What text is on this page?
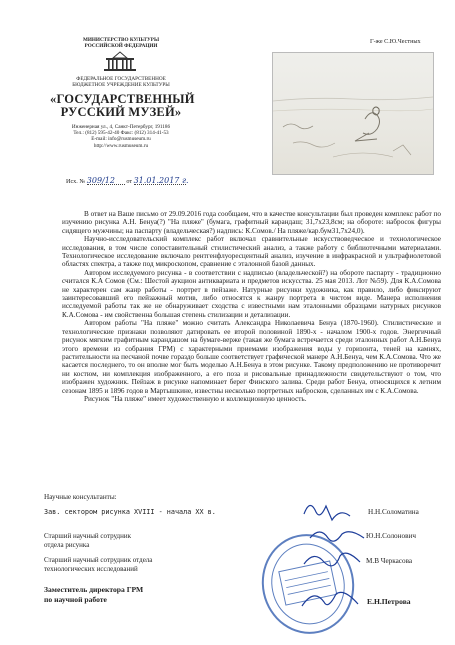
МИНИСТЕРСТВО КУЛЬТУРЫ
РОССИЙСКОЙ ФЕДЕРАЦИИ
ФЕДЕРАЛЬНОЕ ГОСУДАРСТВЕННОЕ
БЮДЖЕТНОЕ УЧРЕЖДЕНИЕ КУЛЬТУРЫ
«ГОСУДАРСТВЕННЫЙ
РУССКИЙ МУЗЕЙ»
Инженерная ул., 4, Санкт-Петербург, 191186
Тел.: (812) 595-42-40 Факс: (812) 314-41-53
E-mail: info@rusmuseum.ru
http://www.rusmuseum.ru
Исх. № 309/12 от 31.01.2017 г.
Г-же С.Ю.Честных

В ответ на Ваше письмо от 29.09.2016 года сообщаем, что в качестве консультации был проведен комплекс работ по изучению рисунка А.Н. Бенуа(?) "На пляже" (бумага, графитный карандаш; 31,7х23,8см; на обороте: набросок фигуры сидящего мужчины; на паспарту (владельческая?) надпись: К.Сомов./ На пляже/кар.бум31,7х24,0).

Научно-исследовательский комплекс работ включал сравнительные искусствоведческое и технологическое исследования, в том числе сопоставительный стилистический анализ, а также работу с библиотечными материалами. Технологическое исследование включало рентгенфлуоресцентный анализ, изучение в инфракрасной и ультрафиолетовой областях спектра, а также под микроскопом, сравнение с эталонной базой данных.

Автором исследуемого рисунка - в соответствии с надписью (владельческой?) на обороте паспарту - традиционно считался К.А Сомов (См.: Шестой аукцион антиквариата и предметов искусства. 25 мая 2013. Лот №59). Для К.А.Сомова не характерен сам жанр работы - портрет в пейзаже. Натурные рисунки художника, как правило, либо фиксируют заинтересовавший его пейзажный мотив, либо относятся к жанру портрета в чистом виде. Манера исполнения исследуемой работы так же не обнаруживает сходства с известными нам эталонными образцами натурных рисунков К.А.Сомова - им свойственна большая степень стилизации и детализации.

Автором работы "На пляже" можно считать Александра Николаевича Бенуа (1870-1960). Стилистические и технологические признаки позволяют датировать ее второй половиной 1890-х - началом 1900-х годов. Энергичный рисунок мягким графитным карандашом на бумаге-верже (такая же бумага встречается среди эталонных работ А.Н.Бенуа этого времени из собрания ГРМ) с характерными приемами изображения воды у горизонта, теней на камнях, растительности на песчаной почве гораздо больше соответствует графической манере А.Н.Бенуа, чем К.А.Сомова. Что же касается последнего, то он вполне мог быть моделью А.Н.Бенуа в этом рисунке. Такому предположению не противоречит ни костюм, ни комплекция изображенного, а его поза и рисовальные принадлежности свидетельствуют о том, что изображен художник. Пейзаж в рисунке напоминает берег Финского залива. Среди работ Бенуа, относящихся к летним сезонам 1895 и 1896 годов в Мартышкине, известны несколько портретных набросков, сделанных им с К.А.Сомова.

Рисунок "На пляже" имеет художественную и коллекционную ценность.

Научные консультанты:
Зав. сектором рисунка XVIII - начала XX в.	Н.Н.Соломатина
Старший научный сотрудник
отдела рисунка
Ю.Н.Солонович
Старший научный сотрудник отдела
технологических исследований
М.В Черкасова
Заместитель директора ГРМ
по научной работе	Е.Н.Петрова
